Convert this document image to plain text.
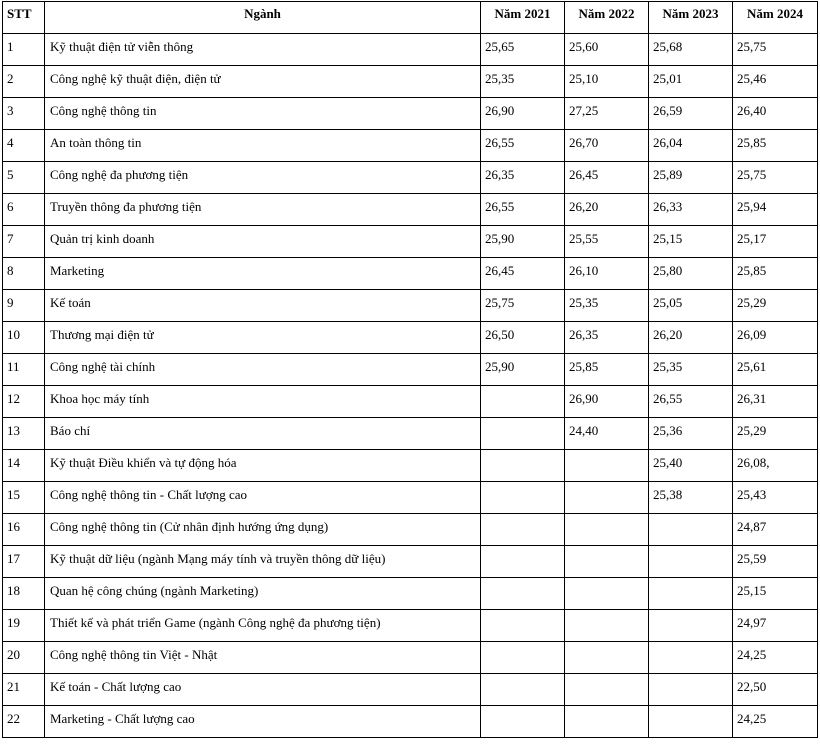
STT	Ngành	Năm 2021	Năm 2022	Năm 2023	Năm 2024
1	Kỹ thuật điện tử viễn thông	25,65	25,60	25,68	25,75
2	Công nghệ kỹ thuật điện, điện tử	25,35	25,10	25,01	25,46
3	Công nghệ thông tin	26,90	27,25	26,59	26,40
4	An toàn thông tin	26,55	26,70	26,04	25,85
5	Công nghệ đa phương tiện	26,35	26,45	25,89	25,75
6	Truyền thông đa phương tiện	26,55	26,20	26,33	25,94
7	Quản trị kinh doanh	25,90	25,55	25,15	25,17
8	Marketing	26,45	26,10	25,80	25,85
9	Kế toán	25,75	25,35	25,05	25,29
10	Thương mại điện tử	26,50	26,35	26,20	26,09
11	Công nghệ tài chính	25,90	25,85	25,35	25,61
12	Khoa học máy tính		26,90	26,55	26,31
13	Báo chí		24,40	25,36	25,29
14	Kỹ thuật Điều khiển và tự động hóa			25,40	26,08,
15	Công nghệ thông tin - Chất lượng cao			25,38	25,43
16	Công nghệ thông tin (Cử nhân định hướng ứng dụng)				24,87
17	Kỹ thuật dữ liệu (ngành Mạng máy tính và truyền thông dữ liệu)				25,59
18	Quan hệ công chúng (ngành Marketing)				25,15
19	Thiết kế và phát triển Game (ngành Công nghệ đa phương tiện)				24,97
20	Công nghệ thông tin Việt - Nhật				24,25
21	Kế toán - Chất lượng cao				22,50
22	Marketing - Chất lượng cao				24,25
